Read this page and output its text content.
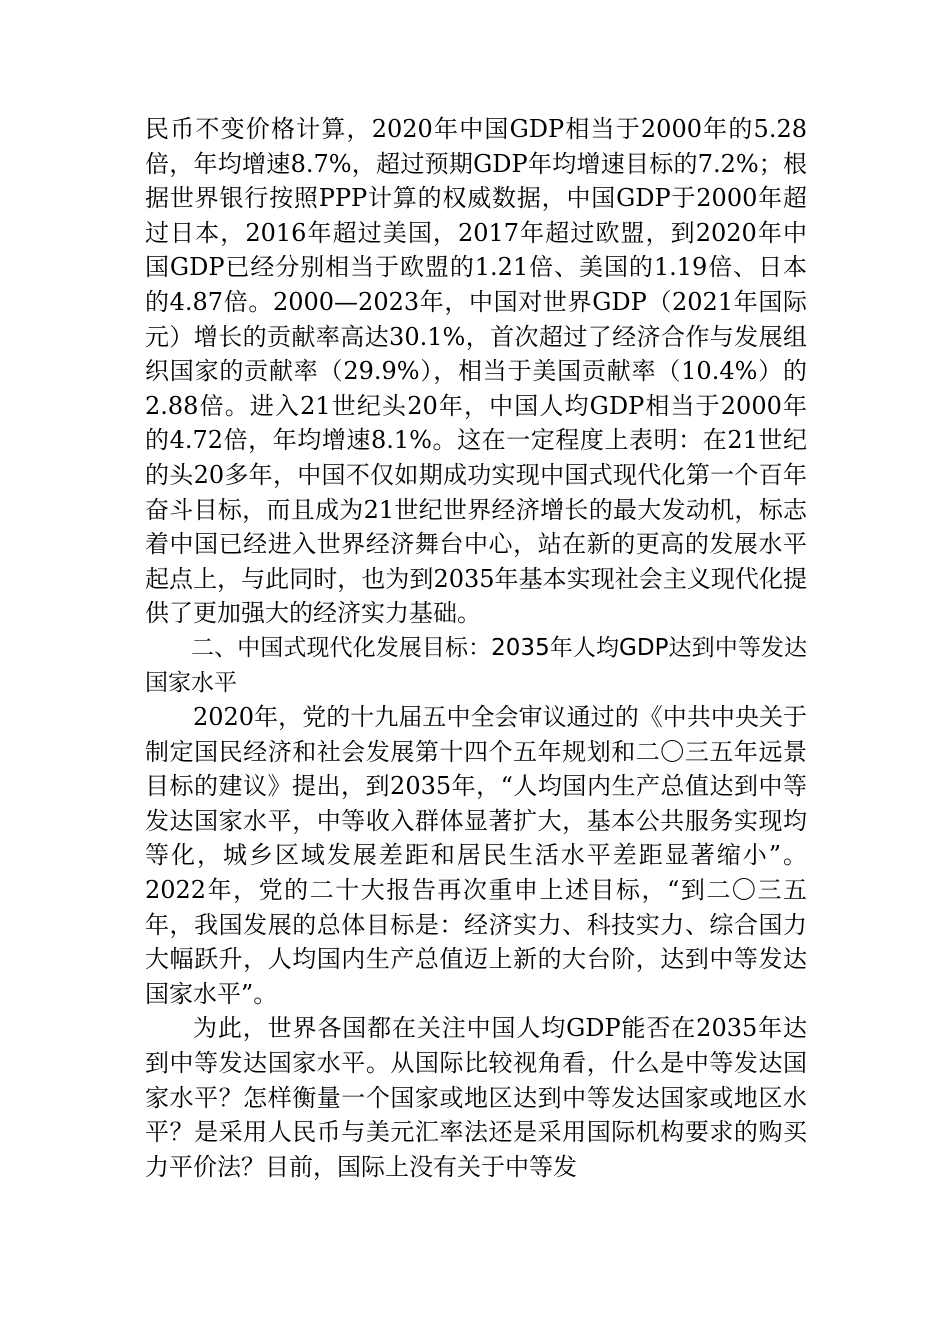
民币不变价格计算，2020年中国GDP相当于2000年的5.28倍，年均增速8.7%，超过预期GDP年均增速目标的7.2%；根据世界银行按照PPP计算的权威数据，中国GDP于2000年超过日本，2016年超过美国，2017年超过欧盟，到2020年中国GDP已经分别相当于欧盟的1.21倍、美国的1.19倍、日本的4.87倍。2000—2023年，中国对世界GDP（2021年国际元）增长的贡献率高达30.1%，首次超过了经济合作与发展组织国家的贡献率（29.9%），相当于美国贡献率（10.4%）的2.88倍。进入21世纪头20年，中国人均GDP相当于2000年的4.72倍，年均增速8.1%。这在一定程度上表明：在21世纪的头20多年，中国不仅如期成功实现中国式现代化第一个百年奋斗目标，而且成为21世纪世界经济增长的最大发动机，标志着中国已经进入世界经济舞台中心，站在新的更高的发展水平起点上，与此同时，也为到2035年基本实现社会主义现代化提供了更加强大的经济实力基础。

二、中国式现代化发展目标：2035年人均GDP达到中等发达国家水平

2020年，党的十九届五中全会审议通过的《中共中央关于制定国民经济和社会发展第十四个五年规划和二〇三五年远景目标的建议》提出，到2035年，“人均国内生产总值达到中等发达国家水平，中等收入群体显著扩大，基本公共服务实现均等化，城乡区域发展差距和居民生活水平差距显著缩小”。2022年，党的二十大报告再次重申上述目标，“到二〇三五年，我国发展的总体目标是：经济实力、科技实力、综合国力大幅跃升，人均国内生产总值迈上新的大台阶，达到中等发达国家水平”。

为此，世界各国都在关注中国人均GDP能否在2035年达到中等发达国家水平。从国际比较视角看，什么是中等发达国家水平？怎样衡量一个国家或地区达到中等发达国家或地区水平？是采用人民币与美元汇率法还是采用国际机构要求的购买力平价法？目前，国际上没有关于中等发
